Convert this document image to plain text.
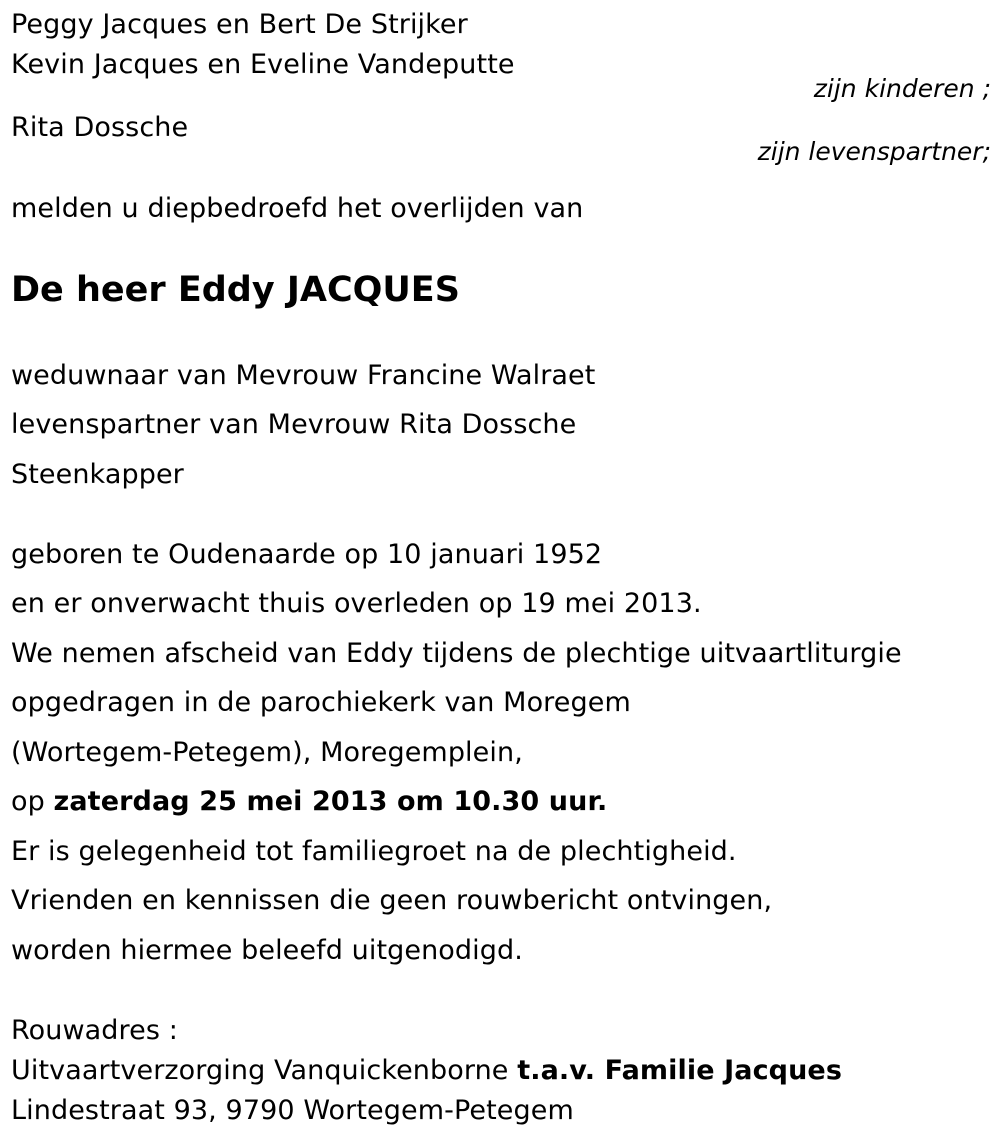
Peggy Jacques en Bert De Strijker
Kevin Jacques en Eveline Vandeputte
zijn kinderen ;
Rita Dossche
zijn levenspartner;
melden u diepbedroefd het overlijden van
De heer Eddy JACQUES
weduwnaar van Mevrouw Francine Walraet
levenspartner van Mevrouw Rita Dossche
Steenkapper
geboren te Oudenaarde op 10 januari 1952
en er onverwacht thuis overleden op 19 mei 2013.
We nemen afscheid van Eddy tijdens de plechtige uitvaartliturgie
opgedragen in de parochiekerk van Moregem
(Wortegem-Petegem), Moregemplein,
op zaterdag 25 mei 2013 om 10.30 uur.
Er is gelegenheid tot familiegroet na de plechtigheid.
Vrienden en kennissen die geen rouwbericht ontvingen,
worden hiermee beleefd uitgenodigd.
Rouwadres :
Uitvaartverzorging Vanquickenborne t.a.v. Familie Jacques
Lindestraat 93, 9790 Wortegem-Petegem
